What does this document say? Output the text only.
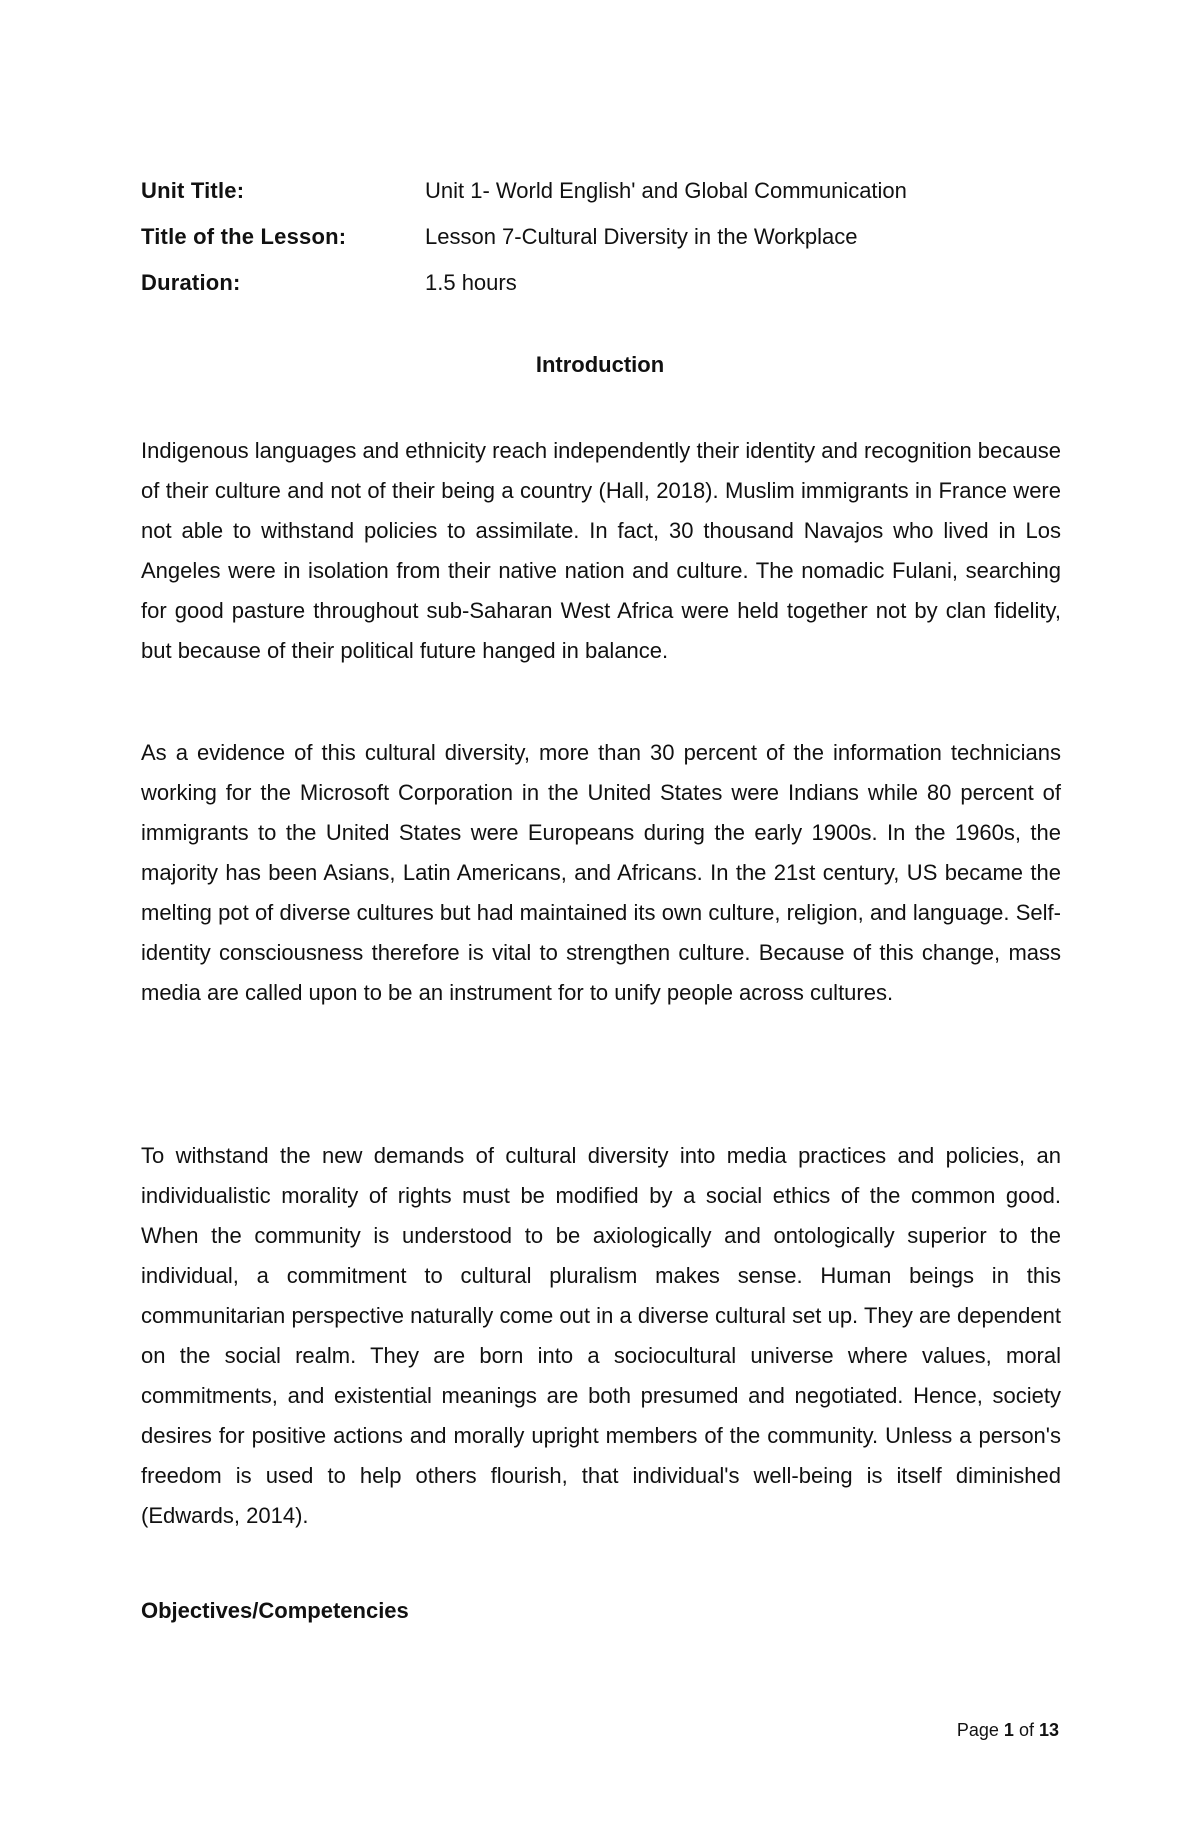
Unit Title:	Unit 1- World English' and Global Communication
Title of the Lesson:	Lesson 7-Cultural Diversity in the Workplace
Duration:	1.5 hours
Introduction

Indigenous languages and ethnicity reach independently their identity and recognition because of their culture and not of their being a country (Hall, 2018). Muslim immigrants in France were not able to withstand policies to assimilate. In fact, 30 thousand Navajos who lived in Los Angeles were in isolation from their native nation and culture. The nomadic Fulani, searching for good pasture throughout sub-Saharan West Africa were held together not by clan fidelity, but because of their political future hanged in balance.

As a evidence of this cultural diversity, more than 30 percent of the information technicians working for the Microsoft Corporation in the United States were Indians while 80 percent of immigrants to the United States were Europeans during the early 1900s. In the 1960s, the majority has been Asians, Latin Americans, and Africans. In the 21st century, US became the melting pot of diverse cultures but had maintained its own culture, religion, and language. Self-identity consciousness therefore is vital to strengthen culture. Because of this change, mass media are called upon to be an instrument for to unify people across cultures.

To withstand the new demands of cultural diversity into media practices and policies, an individualistic morality of rights must be modified by a social ethics of the common good. When the community is understood to be axiologically and ontologically superior to the individual, a commitment to cultural pluralism makes sense. Human beings in this communitarian perspective naturally come out in a diverse cultural set up. They are dependent on the social realm. They are born into a sociocultural universe where values, moral commitments, and existential meanings are both presumed and negotiated. Hence, society desires for positive actions and morally upright members of the community. Unless a person's freedom is used to help others flourish, that individual's well-being is itself diminished (Edwards, 2014).

Objectives/Competencies
Page 1 of 13
